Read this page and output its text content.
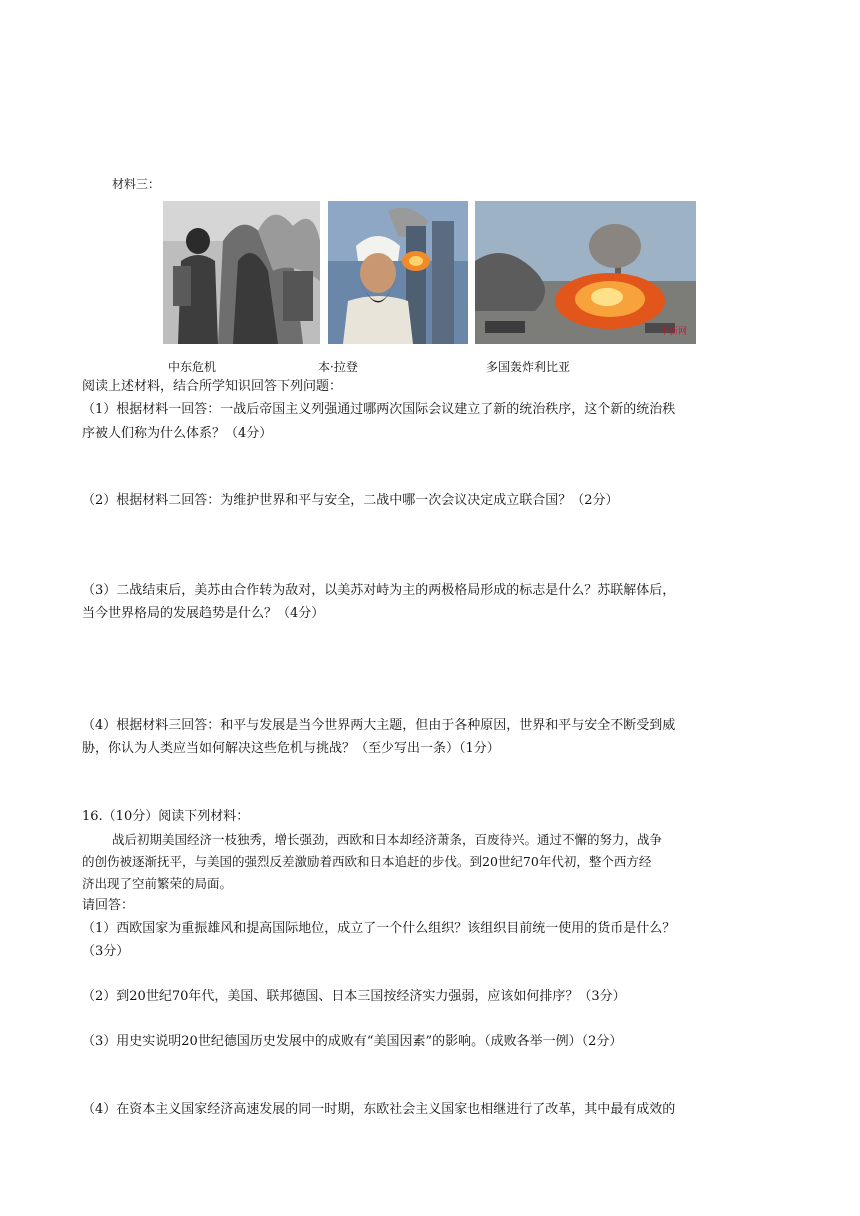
材料三：
中新网
中东危机	本·拉登	多国轰炸利比亚
阅读上述材料，结合所学知识回答下列问题：
（1）根据材料一回答：一战后帝国主义列强通过哪两次国际会议建立了新的统治秩序，这个新的统治秩
序被人们称为什么体系？（4分）
（2）根据材料二回答：为维护世界和平与安全，二战中哪一次会议决定成立联合国？（2分）
（3）二战结束后，美苏由合作转为敌对，以美苏对峙为主的两极格局形成的标志是什么？苏联解体后，
当今世界格局的发展趋势是什么？（4分）
（4）根据材料三回答：和平与发展是当今世界两大主题，但由于各种原因，世界和平与安全不断受到威
胁，你认为人类应当如何解决这些危机与挑战？（至少写出一条）（1分）
16.（10分）阅读下列材料：
战后初期美国经济一枝独秀，增长强劲，西欧和日本却经济萧条，百废待兴。通过不懈的努力，战争
的创伤被逐渐抚平，与美国的强烈反差激励着西欧和日本追赶的步伐。到20世纪70年代初，整个西方经
济出现了空前繁荣的局面。
请回答：
（1）西欧国家为重振雄风和提高国际地位，成立了一个什么组织？该组织目前统一使用的货币是什么？
（3分）
（2）到20世纪70年代，美国、联邦德国、日本三国按经济实力强弱，应该如何排序？（3分）
（3）用史实说明20世纪德国历史发展中的成败有“美国因素”的影响。（成败各举一例）（2分）
（4）在资本主义国家经济高速发展的同一时期，东欧社会主义国家也相继进行了改革，其中最有成效的
